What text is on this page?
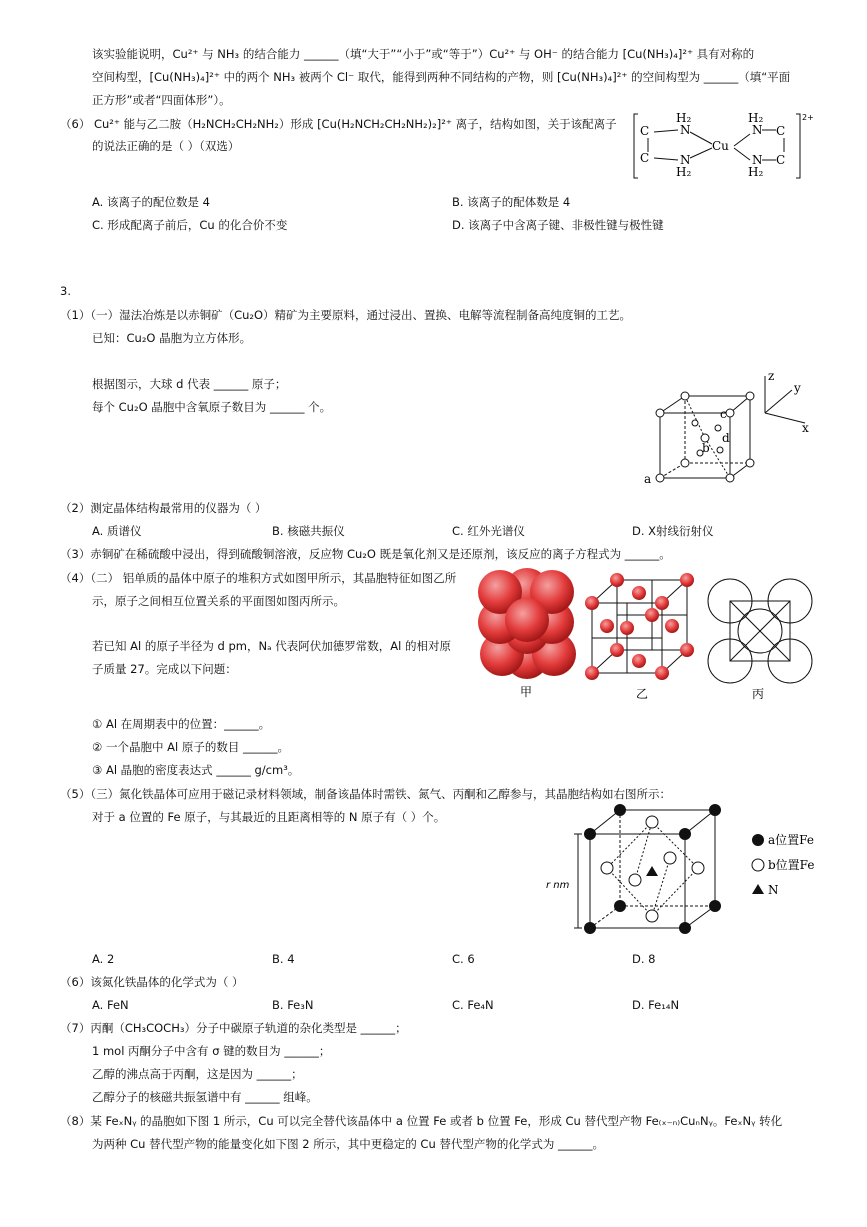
该实验能说明，Cu²⁺ 与 NH₃ 的结合能力 ______（填“大于”“小于”或“等于”）Cu²⁺ 与 OH⁻ 的结合能力 [Cu(NH₃)₄]²⁺ 具有对称的
空间构型，[Cu(NH₃)₄]²⁺ 中的两个 NH₃ 被两个 Cl⁻ 取代，能得到两种不同结构的产物，则 [Cu(NH₃)₄]²⁺ 的空间构型为 ______（填“平面
正方形”或者“四面体形”）。
（6） Cu²⁺ 能与乙二胺（H₂NCH₂CH₂NH₂）形成 [Cu(H₂NCH₂CH₂NH₂)₂]²⁺ 离子，结构如图，关于该配离子
的说法正确的是（ ）（双选）
2+
H₂
N
C
Cu
C	N
H₂
H₂
N C
N C
H₂
A. 该离子的配位数是 4	B. 该离子的配体数是 4
C. 形成配离子前后，Cu 的化合价不变	D. 该离子中含离子键、非极性键与极性键
3.
（1）（一）湿法冶炼是以赤铜矿（Cu₂O）精矿为主要原料，通过浸出、置换、电解等流程制备高纯度铜的工艺。
已知：Cu₂O 晶胞为立方体形。
根据图示，大球 d 代表 ______ 原子；
每个 Cu₂O 晶胞中含氧原子数目为 ______ 个。
a
b
c
d
z
y
x
（2）测定晶体结构最常用的仪器为（ ）
A. 质谱仪	B. 核磁共振仪	C. 红外光谱仪	D. X射线衍射仪
（3）赤铜矿在稀硫酸中浸出，得到硫酸铜溶液，反应物 Cu₂O 既是氧化剂又是还原剂，该反应的离子方程式为 ______。
（4）（二） 铝单质的晶体中原子的堆积方式如图甲所示，其晶胞特征如图乙所
示，原子之间相互位置关系的平面图如图丙所示。
若已知 Al 的原子半径为 d pm，Nₐ 代表阿伏加德罗常数，Al 的相对原
子质量 27。完成以下问题：
① Al 在周期表中的位置：______。
② 一个晶胞中 Al 原子的数目 ______。
③ Al 晶胞的密度表达式 ______ g/cm³。
甲	乙	丙
（5）（三）氮化铁晶体可应用于磁记录材料领域，制备该晶体时需铁、氮气、丙酮和乙醇参与，其晶胞结构如右图所示：
对于 a 位置的 Fe 原子，与其最近的且距离相等的 N 原子有（ ）个。
r nm
a位置Fe
b位置Fe
N
A. 2	B. 4	C. 6	D. 8
（6）该氮化铁晶体的化学式为（ ）
A. FeN	B. Fe₃N	C. Fe₄N	D. Fe₁₄N
（7）丙酮（CH₃COCH₃）分子中碳原子轨道的杂化类型是 ______；
1 mol 丙酮分子中含有 σ 键的数目为 ______；
乙醇的沸点高于丙酮，这是因为 ______；
乙醇分子的核磁共振氢谱中有 ______ 组峰。
（8）某 FeₓNᵧ 的晶胞如下图 1 所示，Cu 可以完全替代该晶体中 a 位置 Fe 或者 b 位置 Fe，形成 Cu 替代型产物 Fe₍ₓ₋ₙ₎CuₙNᵧ。FeₓNᵧ 转化
为两种 Cu 替代型产物的能量变化如下图 2 所示，其中更稳定的 Cu 替代型产物的化学式为 ______。
